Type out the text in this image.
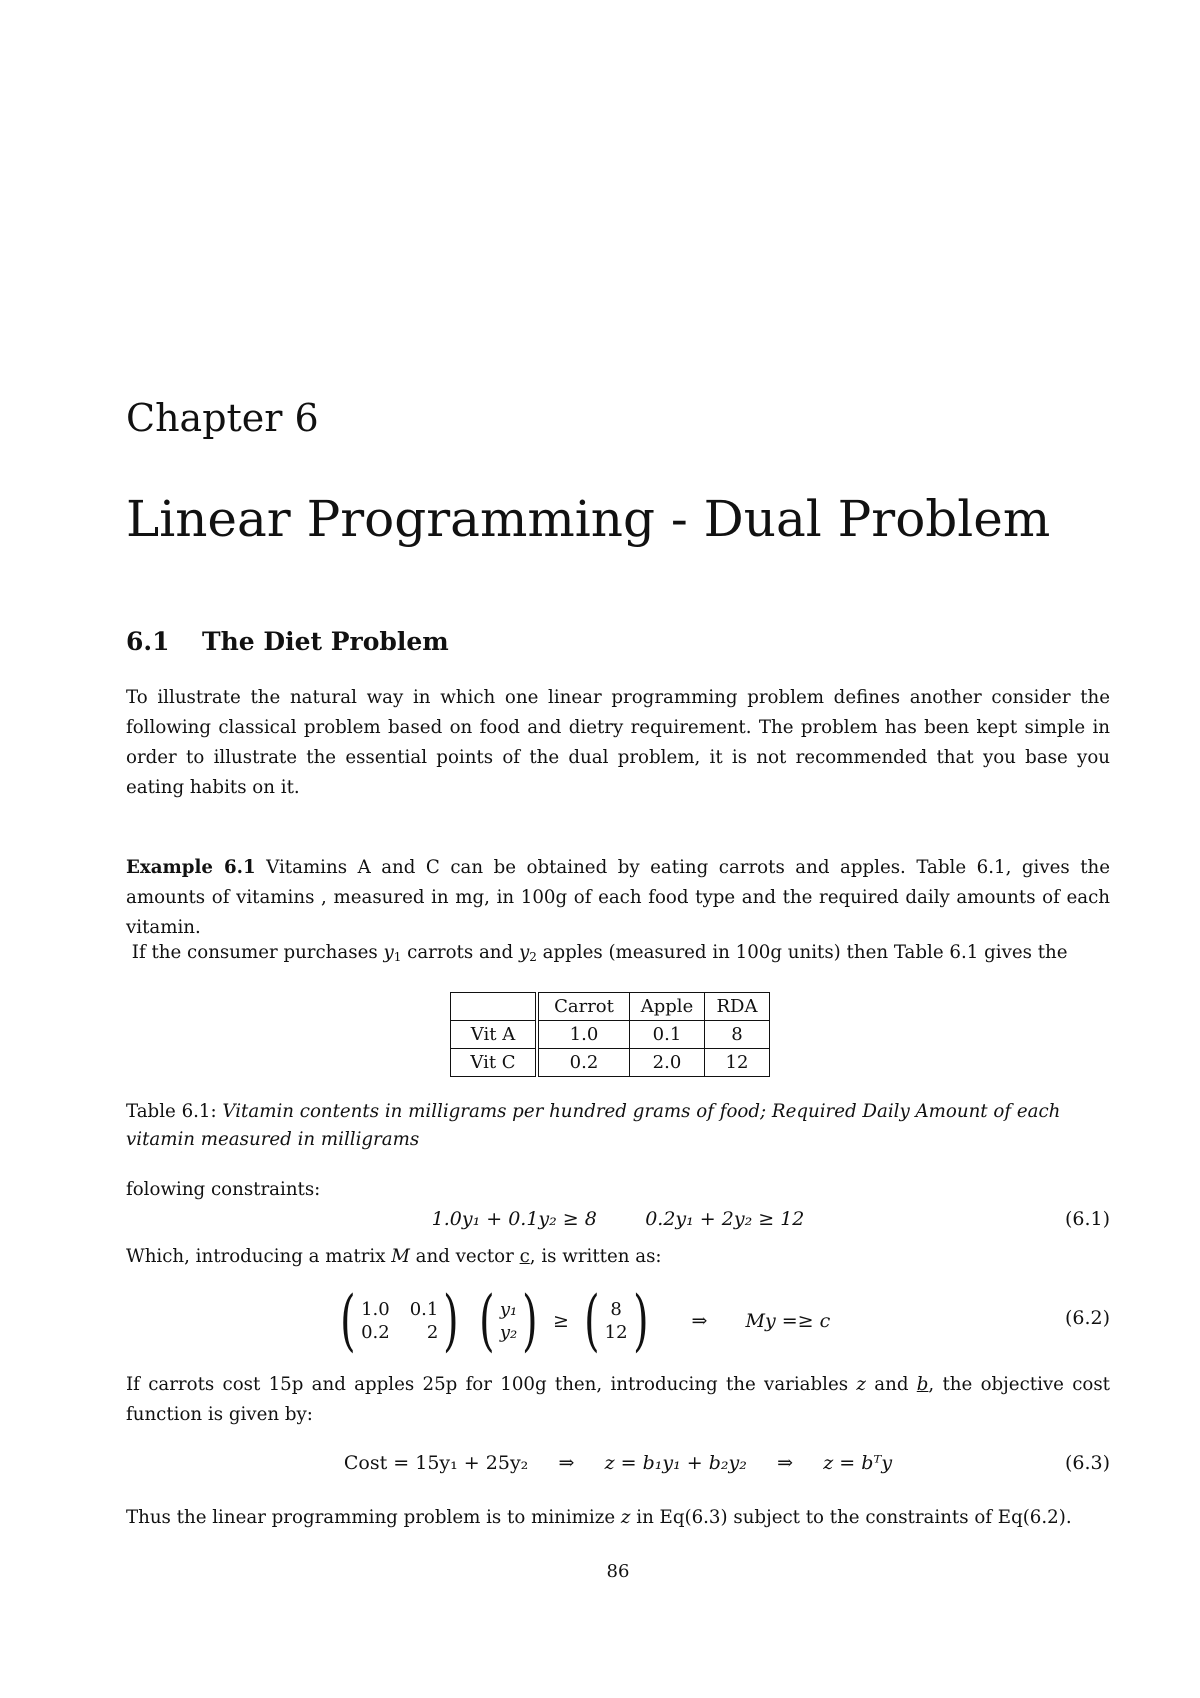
Chapter 6
Linear Programming - Dual Problem
6.1 The Diet Problem
To illustrate the natural way in which one linear programming problem defines another consider the following classical problem based on food and dietry requirement. The problem has been kept simple in order to illustrate the essential points of the dual problem, it is not recommended that you base you eating habits on it.
Example 6.1 Vitamins A and C can be obtained by eating carrots and apples. Table 6.1, gives the amounts of vitamins , measured in mg, in 100g of each food type and the required daily amounts of each vitamin.
If the consumer purchases $y_1$ carrots and $y_2$ apples (measured in 100g units) then Table 6.1 gives the
	Carrot	Apple	RDA
Vit A	1.0	0.1	8
Vit C	0.2	2.0	12
Table 6.1: Vitamin contents in milligrams per hundred grams of food; Required Daily Amount of each vitamin measured in milligrams
folowing constraints:
1.0y₁ + 0.1y₂ ≥ 8	0.2y₁ + 2y₂ ≥ 12	(6.1)
Which, introducing a matrix M and vector c, is written as:
( 1.0 0.1
0.2	2 ) ( y₁
y₂ ) ≥ ( 8
12 )
⇒
My =≥ c
	(6.2)
If carrots cost 15p and apples 25p for 100g then, introducing the variables z and b, the objective cost function is given by:
Cost = 15y₁ + 25y₂ ⇒ z = b₁y₁ + b₂y₂ ⇒ z = bᵀy	(6.3)
Thus the linear programming problem is to minimize z in Eq(6.3) subject to the constraints of Eq(6.2).
86
